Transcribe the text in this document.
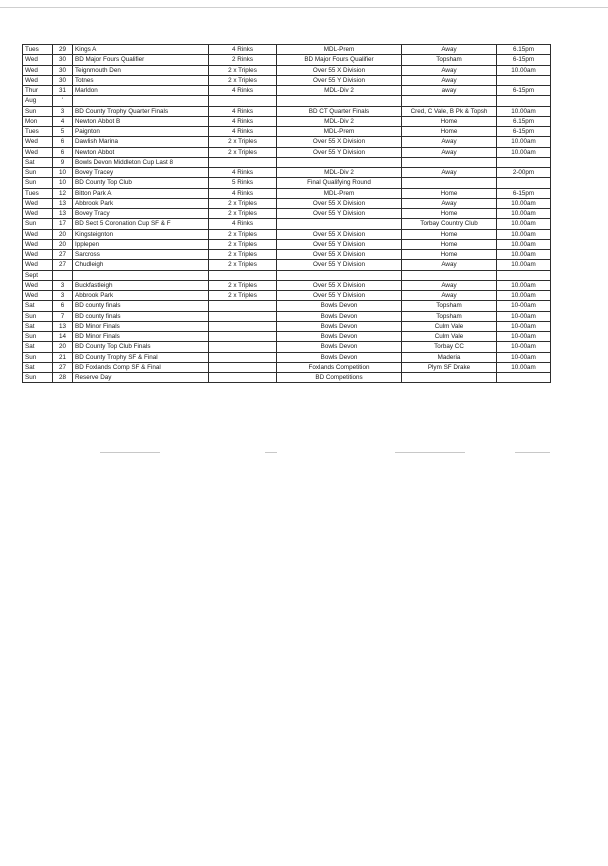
Tues	29	Kings A	4 Rinks	MDL-Prem	Away	6.15pm
Wed	30	BD Major Fours Qualifier	2 Rinks	BD Major Fours Qualifier	Topsham	6-15pm
Wed	30	Teignmouth Den	2 x Triples	Over 55 X Division	Away	10.00am
Wed	30	Totnes	2 x Triples	Over 55 Y Division	Away	
Thur	31	Marldon	4 Rinks	MDL-Div 2	away	6-15pm
Aug	'					
Sun	3	BD County Trophy Quarter Finals	4 Rinks	BD CT Quarter Finals	Cred, C Vale, B Pk & Topsh	10.00am
Mon	4	Newton Abbot B	4 Rinks	MDL-Div 2	Home	6.15pm
Tues	5	Paignton	4 Rinks	MDL-Prem	Home	6-15pm
Wed	6	Dawlish Marina	2 x Triples	Over 55 X Division	Away	10.00am
Wed	6	Newton Abbot	2 x Triples	Over 55 Y Division	Away	10.00am
Sat	9	Bowls Devon Middleton Cup Last 8				
Sun	10	Bovey Tracey	4 Rinks	MDL-Div 2	Away	2-00pm
Sun	10	BD County Top Club	5 Rinks	Final Qualifying Round		
Tues	12	Bitton Park A	4 Rinks	MDL-Prem	Home	6-15pm
Wed	13	Abbrook Park	2 x Triples	Over 55 X Division	Away	10.00am
Wed	13	Bovey Tracy	2 x Triples	Over 55 Y Division	Home	10.00am
Sun	17	BD Sect 5 Coronation Cup SF & F	4 Rinks		Torbay Country Club	10.00am
Wed	20	Kingsteignton	2 x Triples	Over 55 X Division	Home	10.00am
Wed	20	Ipplepen	2 x Triples	Over 55 Y Division	Home	10.00am
Wed	27	Sarcross	2 x Triples	Over 55 X Division	Home	10.00am
Wed	27	Chudleigh	2 x Triples	Over 55 Y Division	Away	10.00am
Sept						
Wed	3	Buckfastleigh	2 x Triples	Over 55 X Division	Away	10.00am
Wed	3	Abbrook Park	2 x Triples	Over 55 Y Division	Away	10.00am
Sat	6	BD county finals		Bowls Devon	Topsham	10-00am
Sun	7	BD county finals		Bowls Devon	Topsham	10-00am
Sat	13	BD Minor Finals		Bowls Devon	Culm Vale	10-00am
Sun	14	BD Minor Finals		Bowls Devon	Culm Vale	10-00am
Sat	20	BD County Top Club Finals		Bowls Devon	Torbay CC	10-00am
Sun	21	BD County Trophy SF & Final		Bowls Devon	Maderia	10-00am
Sat	27	BD Foxlands Comp SF & Final		Foxlands Competition	Plym SF Drake	10.00am
Sun	28	Reserve Day		BD Competitions		
